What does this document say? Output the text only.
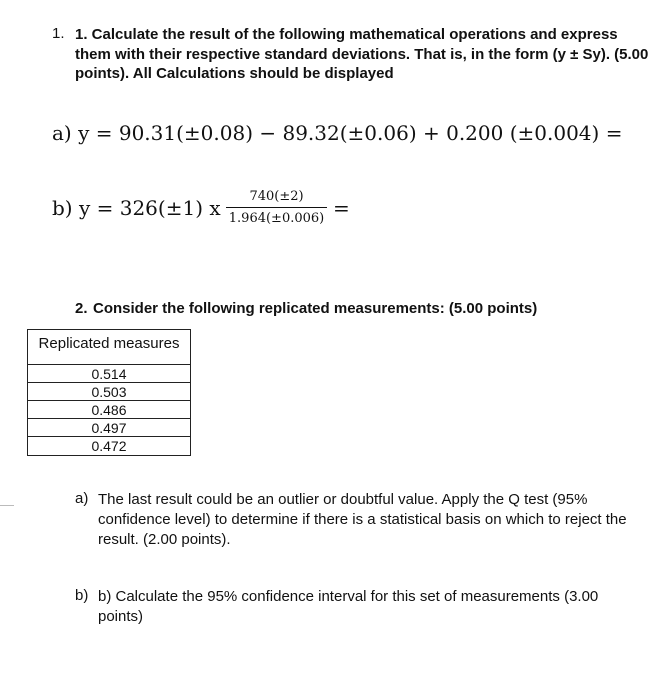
1. 1. Calculate the result of the following mathematical operations and express them with their respective standard deviations. That is, in the form (y ± Sy). (5.00 points). All Calculations should be displayed
a) y = 90.31(±0.08) − 89.32(±0.06) + 0.200 (±0.004) =
b) y = 326(±1) x	740(±2)
1.964(±0.006) =
2. Consider the following replicated measurements: (5.00 points)
Replicated measures
0.514
0.503
0.486
0.497
0.472
a) The last result could be an outlier or doubtful value. Apply the Q test (95% confidence level) to determine if there is a statistical basis on which to reject the result. (2.00 points).
b) b) Calculate the 95% confidence interval for this set of measurements (3.00 points)
